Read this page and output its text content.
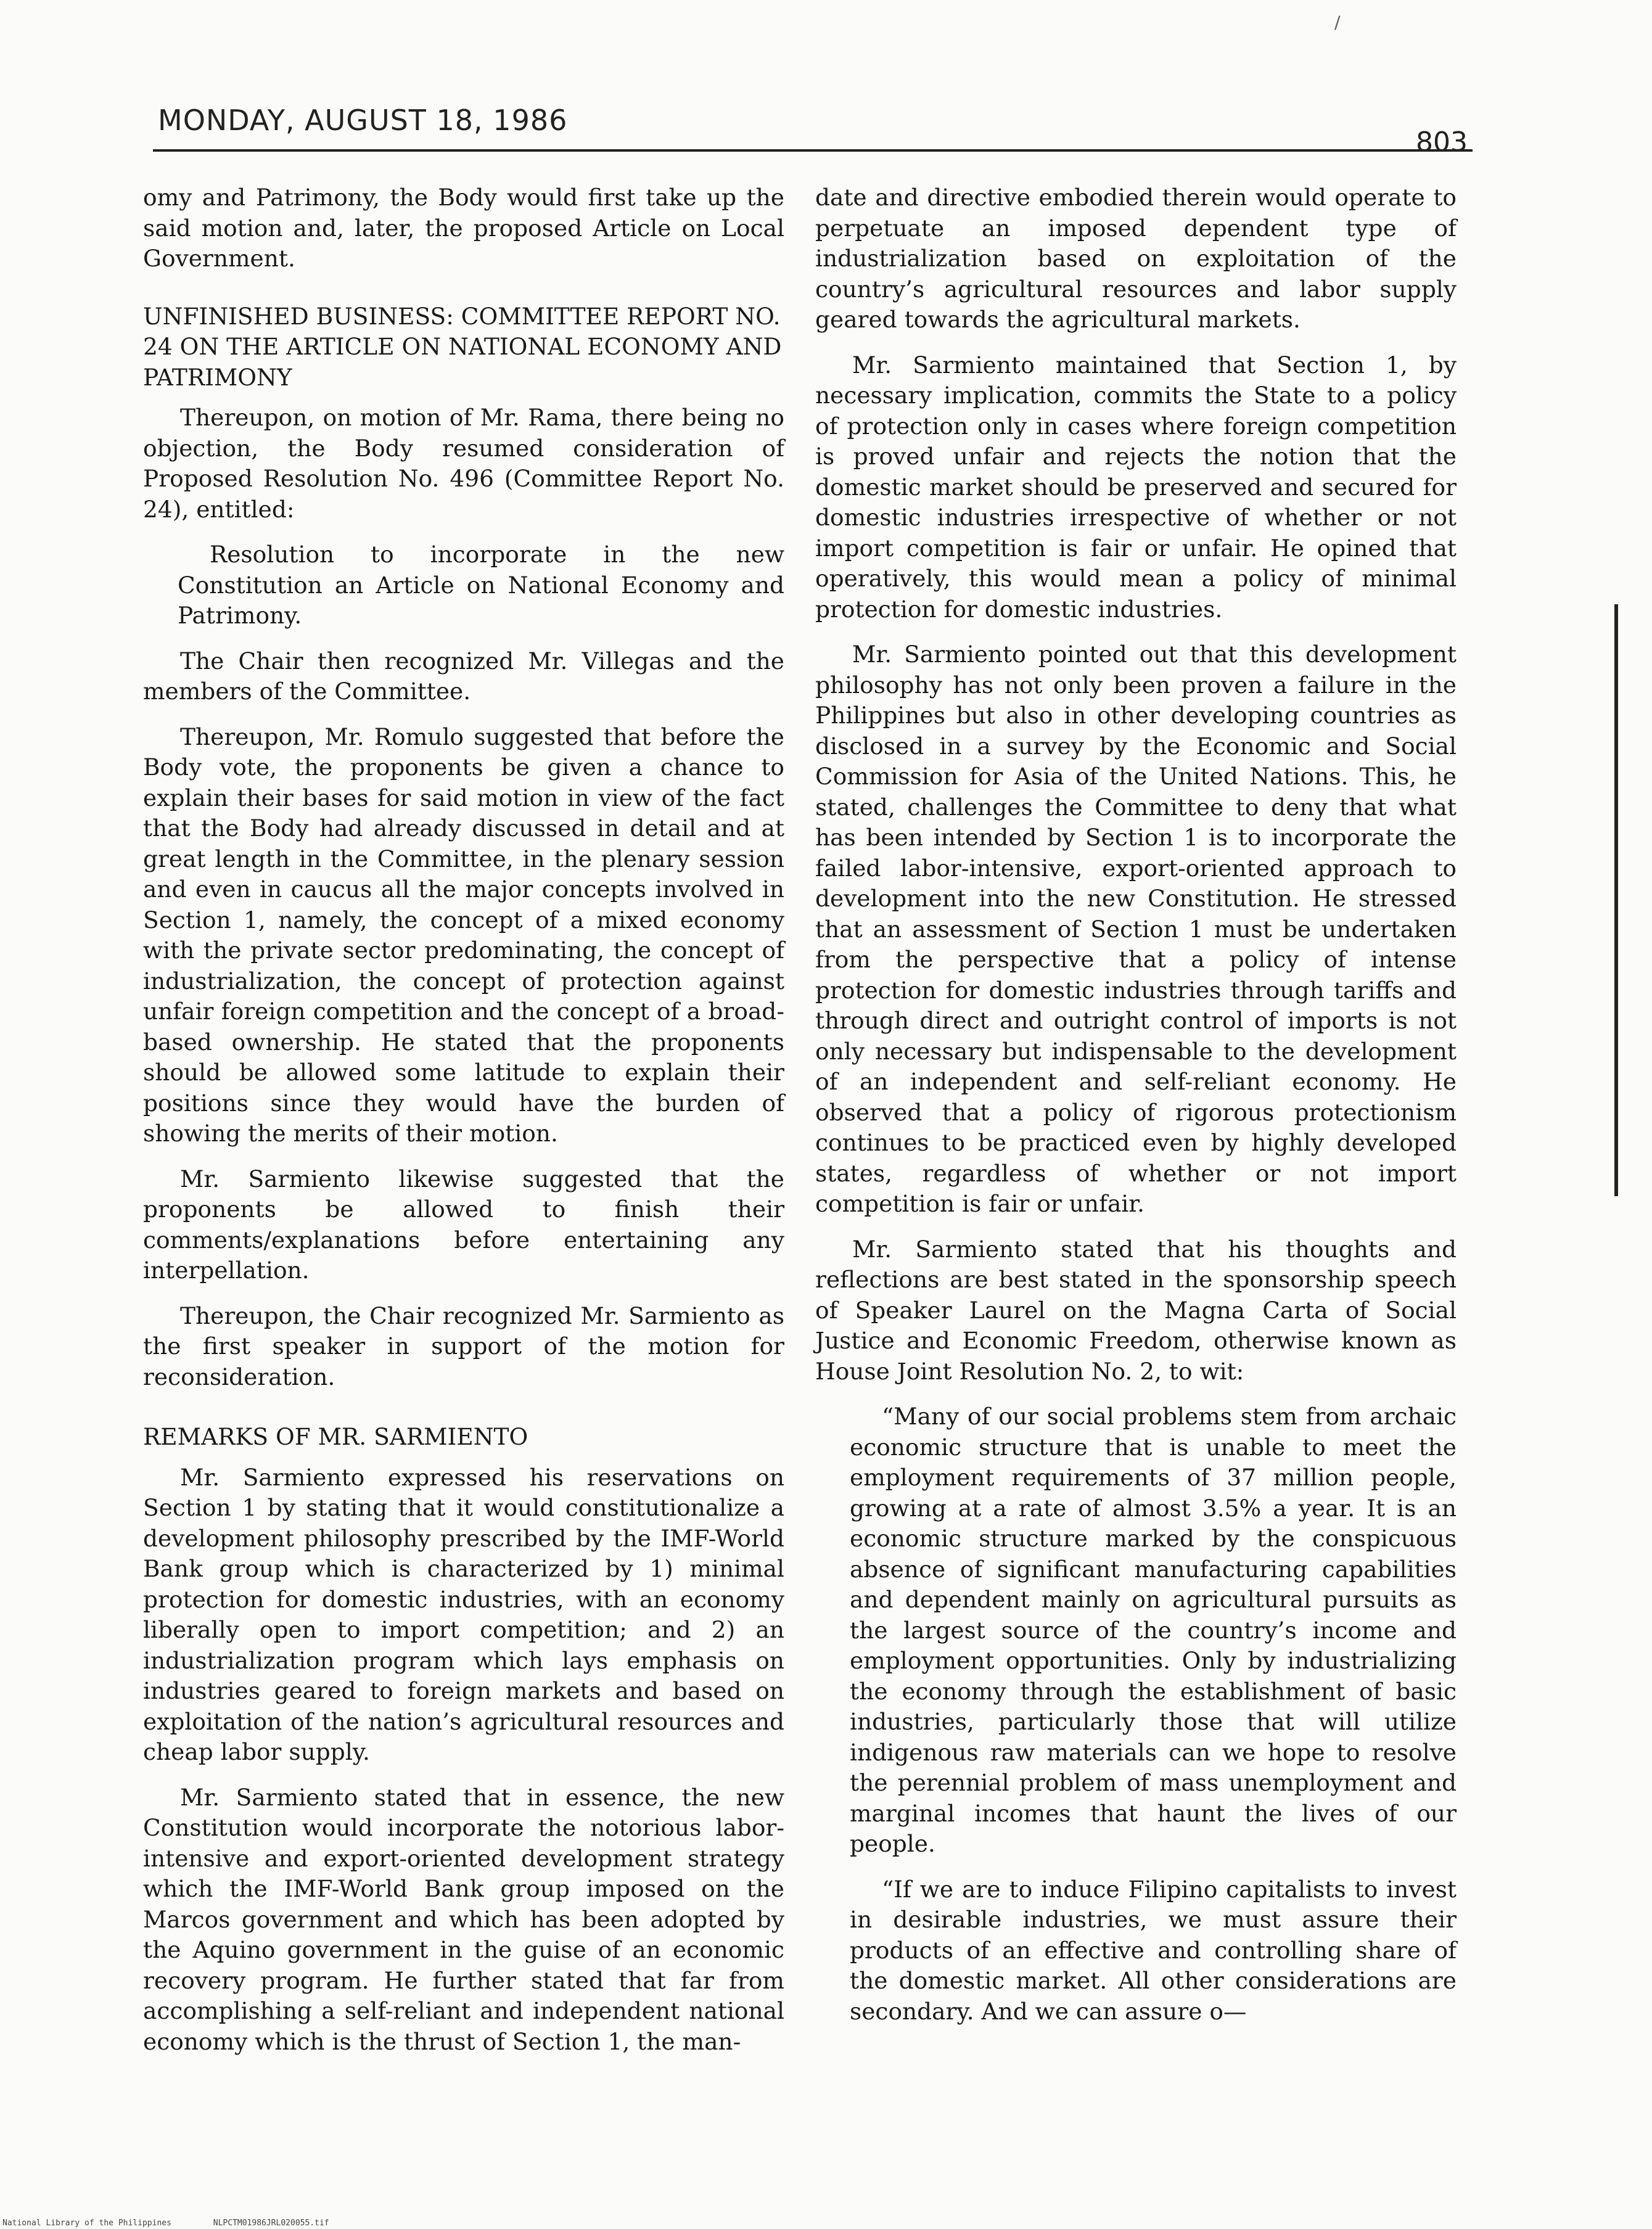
/
MONDAY, AUGUST 18, 1986
803

omy and Patrimony, the Body would first take up the said motion and, later, the proposed Article on Local Government.

UNFINISHED BUSINESS: COMMITTEE REPORT NO. 24 ON THE ARTICLE ON NATIONAL ECONOMY AND PATRIMONY

Thereupon, on motion of Mr. Rama, there being no objection, the Body resumed consideration of Proposed Resolution No. 496 (Committee Report No. 24), entitled:

Resolution to incorporate in the new Constitution an Article on National Economy and Patrimony.

The Chair then recognized Mr. Villegas and the members of the Committee.

Thereupon, Mr. Romulo suggested that before the Body vote, the proponents be given a chance to explain their bases for said motion in view of the fact that the Body had already discussed in detail and at great length in the Committee, in the plenary session and even in caucus all the major concepts involved in Section 1, namely, the concept of a mixed economy with the private sector predominating, the concept of industrialization, the concept of protection against unfair foreign competition and the concept of a broad-based ownership. He stated that the proponents should be allowed some latitude to explain their positions since they would have the burden of showing the merits of their motion.

Mr. Sarmiento likewise suggested that the proponents be allowed to finish their comments/explanations before entertaining any interpellation.

Thereupon, the Chair recognized Mr. Sarmiento as the first speaker in support of the motion for reconsideration.

REMARKS OF MR. SARMIENTO

Mr. Sarmiento expressed his reservations on Section 1 by stating that it would constitutionalize a development philosophy prescribed by the IMF-World Bank group which is characterized by 1) minimal protection for domestic industries, with an economy liberally open to import competition; and 2) an industrialization program which lays emphasis on industries geared to foreign markets and based on exploitation of the nation’s agricultural resources and cheap labor supply.

Mr. Sarmiento stated that in essence, the new Constitution would incorporate the notorious labor-intensive and export-oriented development strategy which the IMF-World Bank group imposed on the Marcos government and which has been adopted by the Aquino government in the guise of an economic recovery program. He further stated that far from accomplishing a self-reliant and independent national economy which is the thrust of Section 1, the man-

date and directive embodied therein would operate to perpetuate an imposed dependent type of industrialization based on exploitation of the country’s agricultural resources and labor supply geared towards the agricultural markets.

Mr. Sarmiento maintained that Section 1, by necessary implication, commits the State to a policy of protection only in cases where foreign competition is proved unfair and rejects the notion that the domestic market should be preserved and secured for domestic industries irrespective of whether or not import competition is fair or unfair. He opined that operatively, this would mean a policy of minimal protection for domestic industries.

Mr. Sarmiento pointed out that this development philosophy has not only been proven a failure in the Philippines but also in other developing countries as disclosed in a survey by the Economic and Social Commission for Asia of the United Nations. This, he stated, challenges the Committee to deny that what has been intended by Section 1 is to incorporate the failed labor-intensive, export-oriented approach to development into the new Constitution. He stressed that an assessment of Section 1 must be undertaken from the perspective that a policy of intense protection for domestic industries through tariffs and through direct and outright control of imports is not only necessary but indispensable to the development of an independent and self-reliant economy. He observed that a policy of rigorous protectionism continues to be practiced even by highly developed states, regardless of whether or not import competition is fair or unfair.

Mr. Sarmiento stated that his thoughts and reflections are best stated in the sponsorship speech of Speaker Laurel on the Magna Carta of Social Justice and Economic Freedom, otherwise known as House Joint Resolution No. 2, to wit:

“Many of our social problems stem from archaic economic structure that is unable to meet the employment requirements of 37 million people, growing at a rate of almost 3.5% a year. It is an economic structure marked by the conspicuous absence of significant manufacturing capabilities and dependent mainly on agricultural pursuits as the largest source of the country’s income and employment opportunities. Only by industrializing the economy through the establishment of basic industries, particularly those that will utilize indigenous raw materials can we hope to resolve the perennial problem of mass unemployment and marginal incomes that haunt the lives of our people.

“If we are to induce Filipino capitalists to invest in desirable industries, we must assure their products of an effective and controlling share of the domestic market. All other considerations are secondary. And we can assure o—

National Library of the Philippines	NLPCTM01986JRL020055.tif
